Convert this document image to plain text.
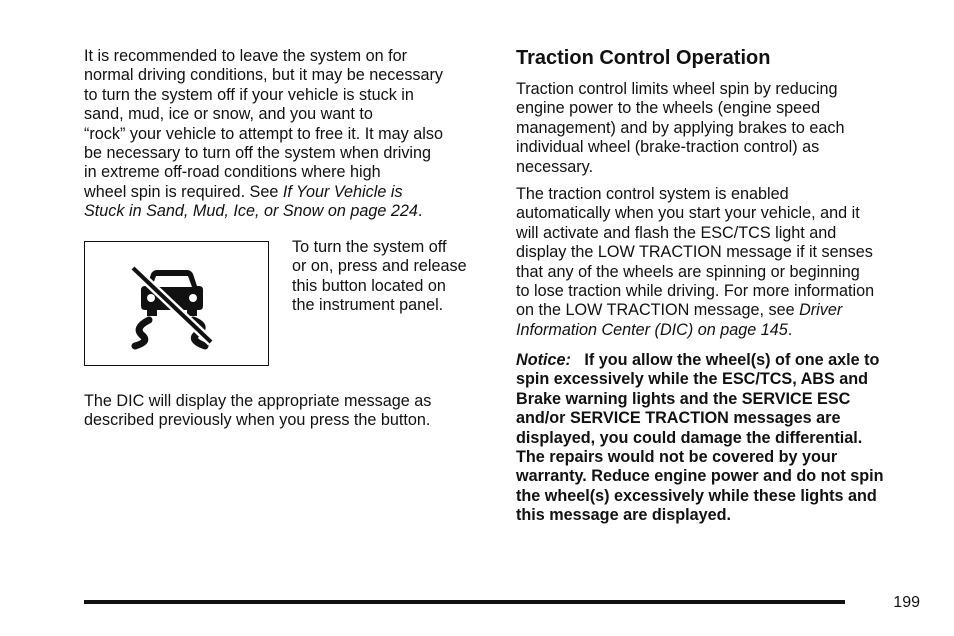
It is recommended to leave the system on for
normal driving conditions, but it may be necessary
to turn the system off if your vehicle is stuck in
sand, mud, ice or snow, and you want to
“rock” your vehicle to attempt to free it. It may also
be necessary to turn off the system when driving
in extreme off-road conditions where high
wheel spin is required. See If Your Vehicle is
Stuck in Sand, Mud, Ice, or Snow on page 224.
To turn the system off
or on, press and release
this button located on
the instrument panel.
The DIC will display the appropriate message as
described previously when you press the button.
Traction Control Operation
Traction control limits wheel spin by reducing
engine power to the wheels (engine speed
management) and by applying brakes to each
individual wheel (brake-traction control) as
necessary.
The traction control system is enabled
automatically when you start your vehicle, and it
will activate and flash the ESC/TCS light and
display the LOW TRACTION message if it senses
that any of the wheels are spinning or beginning
to lose traction while driving. For more information
on the LOW TRACTION message, see Driver
Information Center (DIC) on page 145.
Notice: If you allow the wheel(s) of one axle to
spin excessively while the ESC/TCS, ABS and
Brake warning lights and the SERVICE ESC
and/or SERVICE TRACTION messages are
displayed, you could damage the differential.
The repairs would not be covered by your
warranty. Reduce engine power and do not spin
the wheel(s) excessively while these lights and
this message are displayed.
199
